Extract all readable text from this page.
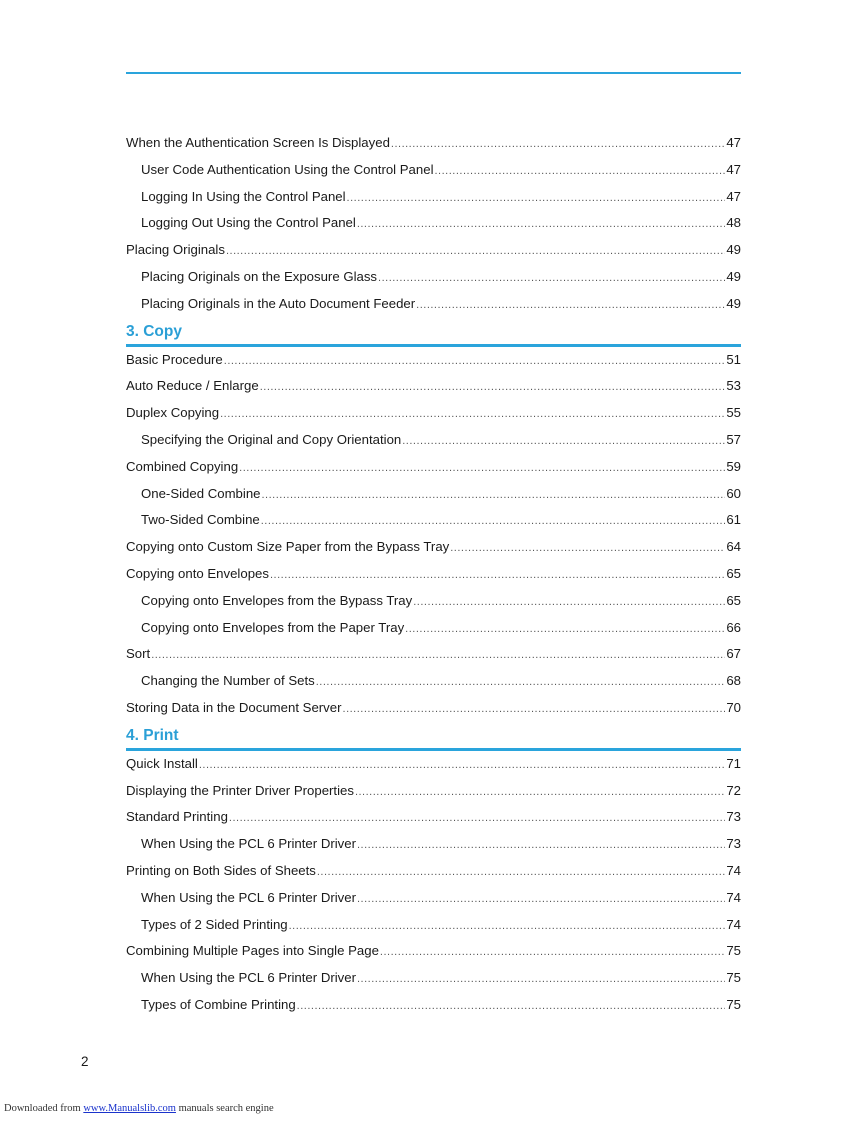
When the Authentication Screen Is Displayed .....	47
User Code Authentication Using the Control Panel .....	47
Logging In Using the Control Panel .....	47
Logging Out Using the Control Panel .....	48
Placing Originals .....	49
Placing Originals on the Exposure Glass .....	49
Placing Originals in the Auto Document Feeder .....	49
3. Copy
Basic Procedure .....	51
Auto Reduce / Enlarge .....	53
Duplex Copying .....	55
Specifying the Original and Copy Orientation .....	57
Combined Copying .....	59
One-Sided Combine .....	60
Two-Sided Combine .....	61
Copying onto Custom Size Paper from the Bypass Tray .....	64
Copying onto Envelopes .....	65
Copying onto Envelopes from the Bypass Tray .....	65
Copying onto Envelopes from the Paper Tray .....	66
Sort .....	67
Changing the Number of Sets .....	68
Storing Data in the Document Server .....	70
4. Print
Quick Install .....	71
Displaying the Printer Driver Properties .....	72
Standard Printing .....	73
When Using the PCL 6 Printer Driver .....	73
Printing on Both Sides of Sheets .....	74
When Using the PCL 6 Printer Driver .....	74
Types of 2 Sided Printing .....	74
Combining Multiple Pages into Single Page .....	75
When Using the PCL 6 Printer Driver .....	75
Types of Combine Printing .....	75
2
Downloaded from www.Manualslib.com manuals search engine
